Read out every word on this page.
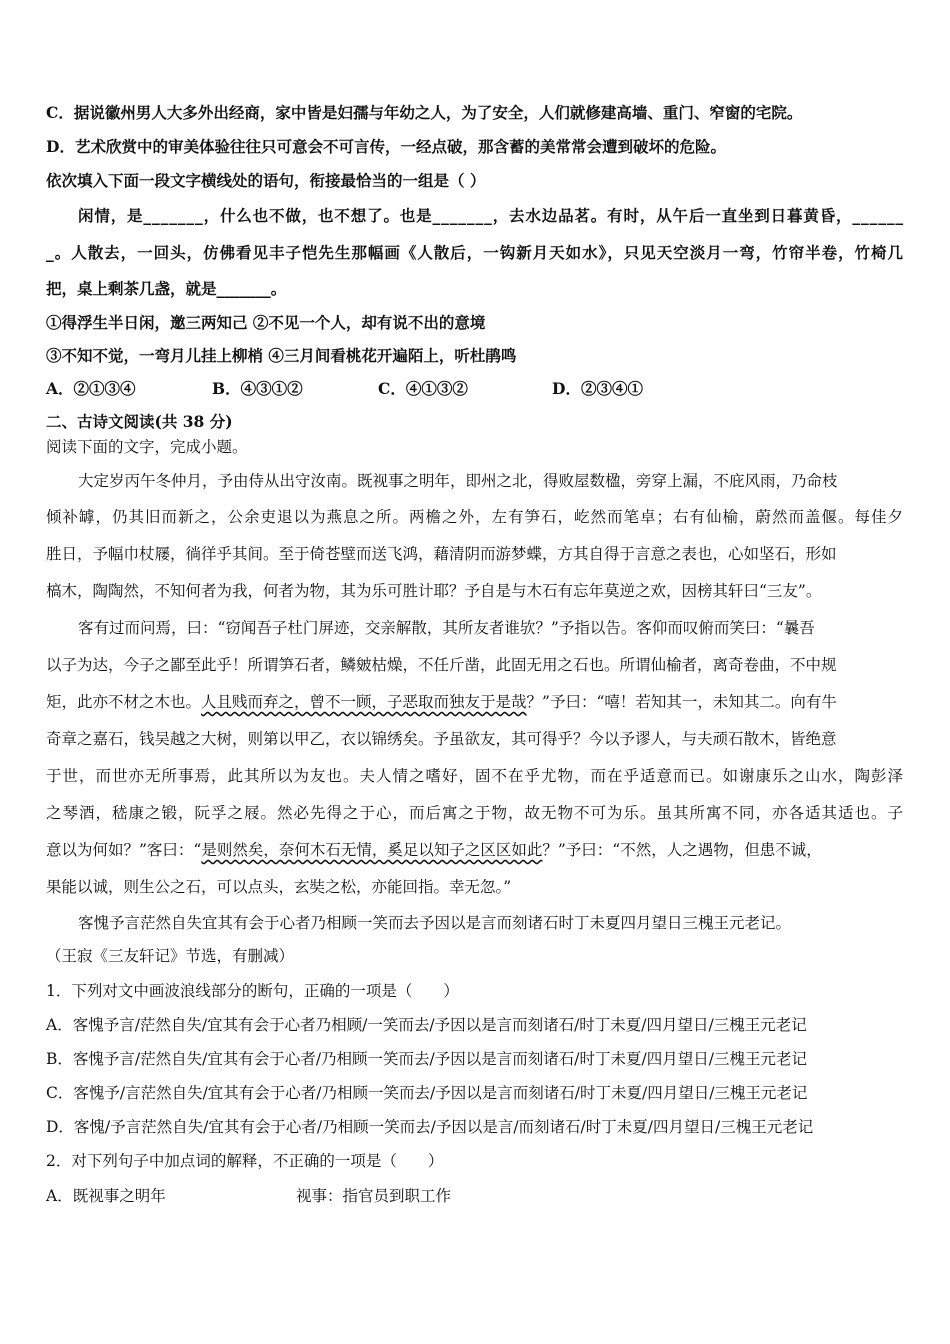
C．据说徽州男人大多外出经商，家中皆是妇孺与年幼之人，为了安全，人们就修建高墙、重门、窄窗的宅院。
D．艺术欣赏中的审美体验往往只可意会不可言传，一经点破，那含蓄的美常常会遭到破坏的危险。
依次填入下面一段文字横线处的语句，衔接最恰当的一组是（ ）
闲情，是_______，什么也不做，也不想了。也是_______，去水边品茗。有时，从午后一直坐到日暮黄昏，______
_。人散去，一回头，仿佛看见丰子恺先生那幅画《人散后，一钩新月天如水》，只见天空淡月一弯，竹帘半卷，竹椅几
把，桌上剩茶几盏，就是_______。
①得浮生半日闲，邀三两知己 ②不见一个人，却有说不出的意境
③不知不觉，一弯月儿挂上柳梢 ④三月间看桃花开遍陌上，听杜鹃鸣
A．②①③④	B．④③①②	C．④①③②	D．②③④①
二、古诗文阅读(共 38 分)
阅读下面的文字，完成小题。
大定岁丙午冬仲月，予由侍从出守汝南。既视事之明年，即州之北，得败屋数楹，旁穿上漏，不庇风雨，乃命枝
倾补罅，仍其旧而新之，公余吏退以为燕息之所。两檐之外，左有笋石，屹然而笔卓；右有仙榆，蔚然而盖偃。每佳夕
胜日，予幅巾杖屦，徜徉乎其间。至于倚苍壁而送飞鸿，藉清阴而游梦蝶，方其自得于言意之表也，心如坚石，形如
槁木，陶陶然，不知何者为我，何者为物，其为乐可胜计耶？予自是与木石有忘年莫逆之欢，因榜其轩曰“三友”。
客有过而问焉，曰：“窃闻吾子杜门屏迹，交亲解散，其所友者谁欤？”予指以告。客仰而叹俯而笑曰：“曩吾
以子为达，今子之鄙至此乎！所谓笋石者，鳞皴枯燥，不任斤凿，此固无用之石也。所谓仙榆者，离奇卷曲，不中规
矩，此亦不材之木也。人且贱而弃之，曾不一顾，子恶取而独友于是哉？”予曰：“嘻！若知其一，未知其二。向有牛
奇章之嘉石，钱吴越之大树，则第以甲乙，衣以锦绣矣。予虽欲友，其可得乎？今以予谬人，与夫顽石散木，皆绝意
于世，而世亦无所事焉，此其所以为友也。夫人情之嗜好，固不在乎尤物，而在乎适意而已。如谢康乐之山水，陶彭泽
之琴酒，嵇康之锻，阮孚之屐。然必先得之于心，而后寓之于物，故无物不可为乐。虽其所寓不同，亦各适其适也。子
意以为何如？”客曰：“是则然矣，奈何木石无情，奚足以知子之区区如此？”予曰：“不然，人之遇物，但患不诚，
果能以诚，则生公之石，可以点头，玄奘之松，亦能回指。幸无忽。”
客愧予言茫然自失宜其有会于心者乃相顾一笑而去予因以是言而刻诸石时丁未夏四月望日三槐王元老记。
（王寂《三友轩记》节选，有删减）
1．下列对文中画波浪线部分的断句，正确的一项是（　　）
A．客愧予言/茫然自失/宜其有会于心者乃相顾/一笑而去/予因以是言而刻诸石/时丁未夏/四月望日/三槐王元老记
B．客愧予言/茫然自失/宜其有会于心者/乃相顾一笑而去/予因以是言而刻诸石/时丁未夏/四月望日/三槐王元老记
C．客愧予/言茫然自失/宜其有会于心者/乃相顾一笑而去/予因以是言而刻诸石/时丁未夏/四月望日/三槐王元老记
D．客愧/予言茫然自失/宜其有会于心者/乃相顾一笑而去/予因以是言/而刻诸石/时丁未夏/四月望日/三槐王元老记
2．对下列句子中加点词的解释，不正确的一项是（　　）
A．既视事之明年	视事：指官员到职工作
